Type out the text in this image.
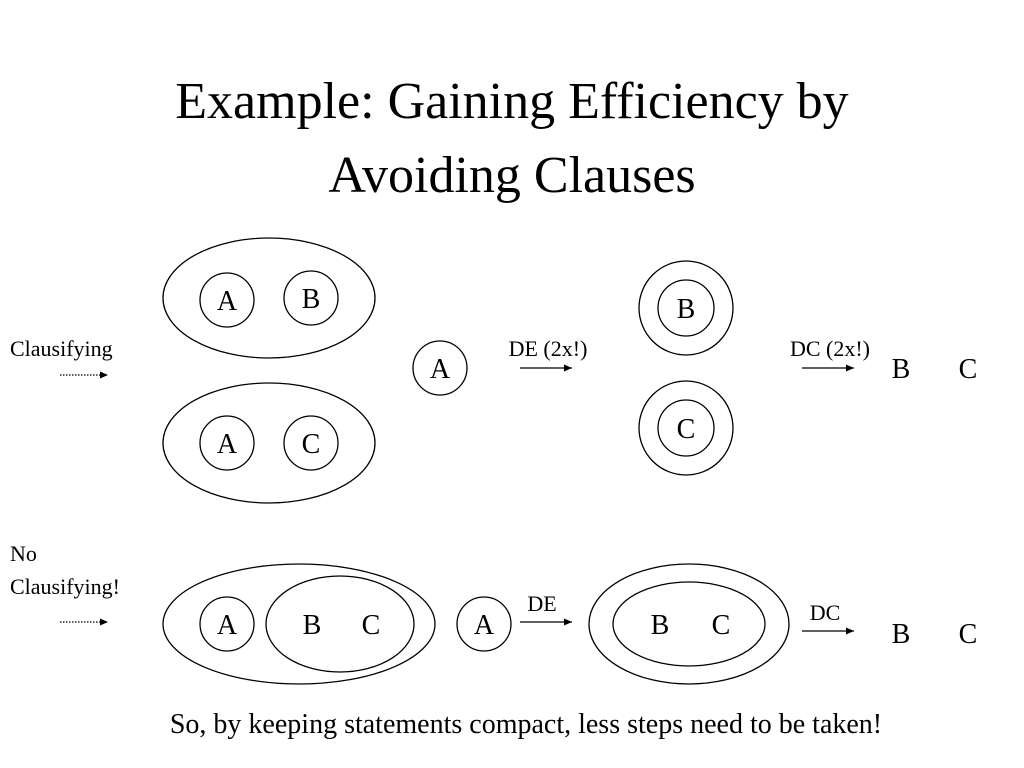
Example: Gaining Efficiency by
Avoiding Clauses
Clausifying
A B
A C
A
DE (2x!)
B
C
DC (2x!)
B C
No
Clausifying!
A B C	A
DE
B C	DC
B C
So, by keeping statements compact, less steps need to be taken!
